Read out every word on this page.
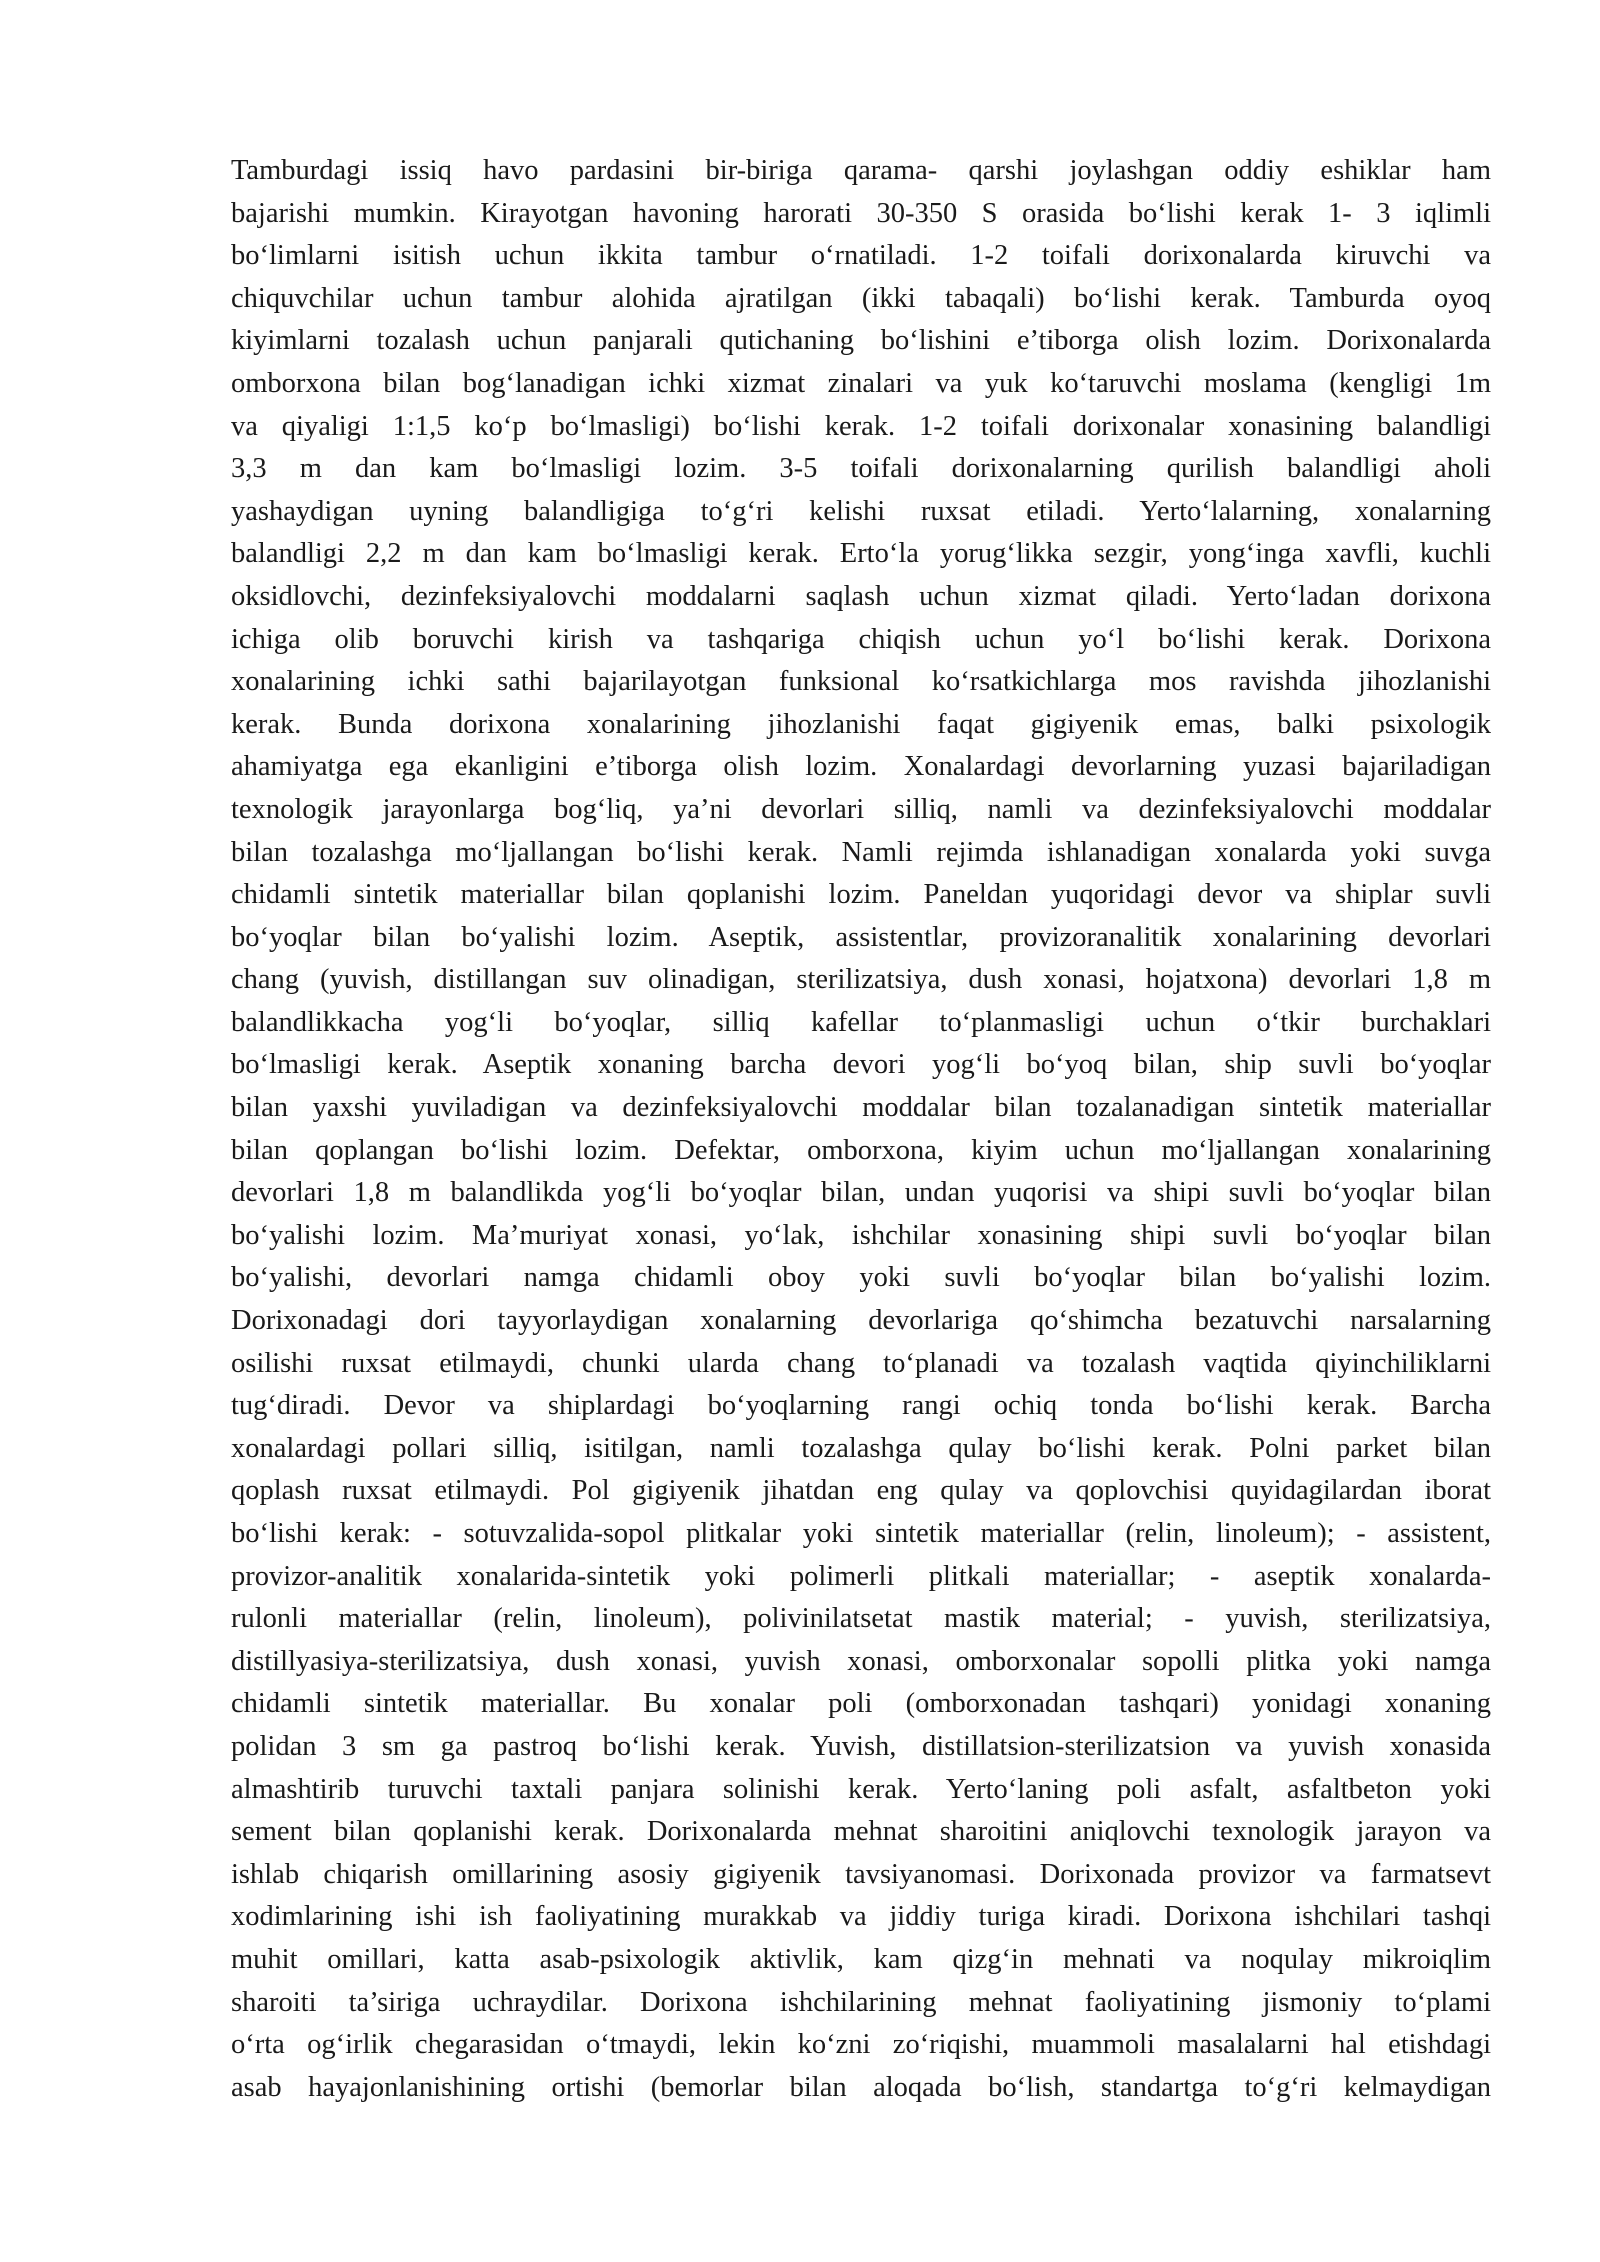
Tamburdagi issiq havo pardasini bir-biriga qarama- qarshi joylashgan oddiy eshiklar ham
bajarishi mumkin. Kirayotgan havoning harorati 30-350 S orasida bo‘lishi kerak 1- 3 iqlimli
bo‘limlarni isitish uchun ikkita tambur o‘rnatiladi. 1-2 toifali dorixonalarda kiruvchi va
chiquvchilar uchun tambur alohida ajratilgan (ikki tabaqali) bo‘lishi kerak. Tamburda oyoq
kiyimlarni tozalash uchun panjarali qutichaning bo‘lishini e’tiborga olish lozim. Dorixonalarda
omborxona bilan bog‘lanadigan ichki xizmat zinalari va yuk ko‘taruvchi moslama (kengligi 1m
va qiyaligi 1:1,5 ko‘p bo‘lmasligi) bo‘lishi kerak. 1-2 toifali dorixonalar xonasining balandligi
3,3 m dan kam bo‘lmasligi lozim. 3-5 toifali dorixonalarning qurilish balandligi aholi
yashaydigan uyning balandligiga to‘g‘ri kelishi ruxsat etiladi. Yerto‘lalarning, xonalarning
balandligi 2,2 m dan kam bo‘lmasligi kerak. Erto‘la yorug‘likka sezgir, yong‘inga xavfli, kuchli
oksidlovchi, dezinfeksiyalovchi moddalarni saqlash uchun xizmat qiladi. Yerto‘ladan dorixona
ichiga olib boruvchi kirish va tashqariga chiqish uchun yo‘l bo‘lishi kerak. Dorixona
xonalarining ichki sathi bajarilayotgan funksional ko‘rsatkichlarga mos ravishda jihozlanishi
kerak. Bunda dorixona xonalarining jihozlanishi faqat gigiyenik emas, balki psixologik
ahamiyatga ega ekanligini e’tiborga olish lozim. Xonalardagi devorlarning yuzasi bajariladigan
texnologik jarayonlarga bog‘liq, ya’ni devorlari silliq, namli va dezinfeksiyalovchi moddalar
bilan tozalashga mo‘ljallangan bo‘lishi kerak. Namli rejimda ishlanadigan xonalarda yoki suvga
chidamli sintetik materiallar bilan qoplanishi lozim. Paneldan yuqoridagi devor va shiplar suvli
bo‘yoqlar bilan bo‘yalishi lozim. Aseptik, assistentlar, provizoranalitik xonalarining devorlari
chang (yuvish, distillangan suv olinadigan, sterilizatsiya, dush xonasi, hojatxona) devorlari 1,8 m
balandlikkacha yog‘li bo‘yoqlar, silliq kafellar to‘planmasligi uchun o‘tkir burchaklari
bo‘lmasligi kerak. Aseptik xonaning barcha devori yog‘li bo‘yoq bilan, ship suvli bo‘yoqlar
bilan yaxshi yuviladigan va dezinfeksiyalovchi moddalar bilan tozalanadigan sintetik materiallar
bilan qoplangan bo‘lishi lozim. Defektar, omborxona, kiyim uchun mo‘ljallangan xonalarining
devorlari 1,8 m balandlikda yog‘li bo‘yoqlar bilan, undan yuqorisi va shipi suvli bo‘yoqlar bilan
bo‘yalishi lozim. Ma’muriyat xonasi, yo‘lak, ishchilar xonasining shipi suvli bo‘yoqlar bilan
bo‘yalishi, devorlari namga chidamli oboy yoki suvli bo‘yoqlar bilan bo‘yalishi lozim.
Dorixonadagi dori tayyorlaydigan xonalarning devorlariga qo‘shimcha bezatuvchi narsalarning
osilishi ruxsat etilmaydi, chunki ularda chang to‘planadi va tozalash vaqtida qiyinchiliklarni
tug‘diradi. Devor va shiplardagi bo‘yoqlarning rangi ochiq tonda bo‘lishi kerak. Barcha
xonalardagi pollari silliq, isitilgan, namli tozalashga qulay bo‘lishi kerak. Polni parket bilan
qoplash ruxsat etilmaydi. Pol gigiyenik jihatdan eng qulay va qoplovchisi quyidagilardan iborat
bo‘lishi kerak: - sotuvzalida-sopol plitkalar yoki sintetik materiallar (relin, linoleum); - assistent,
provizor-analitik xonalarida-sintetik yoki polimerli plitkali materiallar; - aseptik xonalarda-
rulonli materiallar (relin, linoleum), polivinilatsetat mastik material; - yuvish, sterilizatsiya,
distillyasiya-sterilizatsiya, dush xonasi, yuvish xonasi, omborxonalar sopolli plitka yoki namga
chidamli sintetik materiallar. Bu xonalar poli (omborxonadan tashqari) yonidagi xonaning
polidan 3 sm ga pastroq bo‘lishi kerak. Yuvish, distillatsion-sterilizatsion va yuvish xonasida
almashtirib turuvchi taxtali panjara solinishi kerak. Yerto‘laning poli asfalt, asfaltbeton yoki
sement bilan qoplanishi kerak. Dorixonalarda mehnat sharoitini aniqlovchi texnologik jarayon va
ishlab chiqarish omillarining asosiy gigiyenik tavsiyanomasi. Dorixonada provizor va farmatsevt
xodimlarining ishi ish faoliyatining murakkab va jiddiy turiga kiradi. Dorixona ishchilari tashqi
muhit omillari, katta asab-psixologik aktivlik, kam qizg‘in mehnati va noqulay mikroiqlim
sharoiti ta’siriga uchraydilar. Dorixona ishchilarining mehnat faoliyatining jismoniy to‘plami
o‘rta og‘irlik chegarasidan o‘tmaydi, lekin ko‘zni zo‘riqishi, muammoli masalalarni hal etishdagi
asab hayajonlanishining ortishi (bemorlar bilan aloqada bo‘lish, standartga to‘g‘ri kelmaydigan
